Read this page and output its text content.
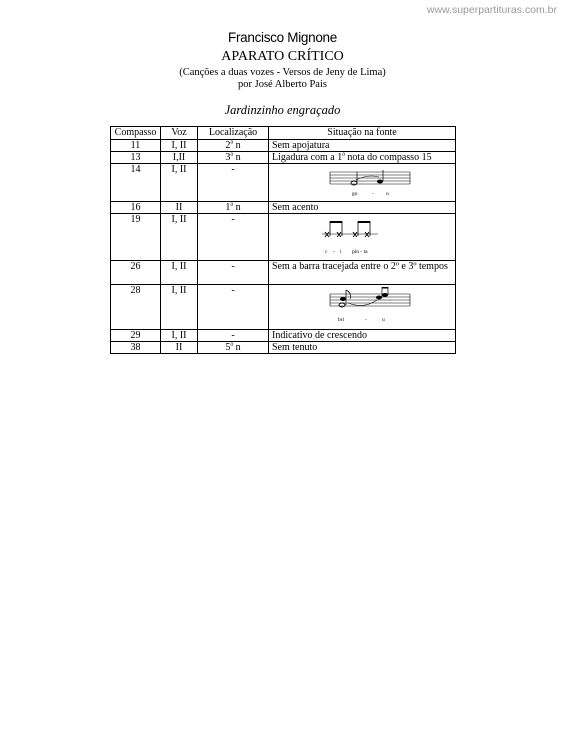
www.superpartituras.com.br
Francisco Mignone
APARATO CRÍTICO
(Canções a duas vozes - Versos de Jeny de Lima)
por José Alberto Pais
Jardinzinho engraçado
Compasso	Voz	Localização	Situação na fonte
11	I, II	2$^a$ n	Sem apojatura
13	I,II	3$^a$ n	Ligadura com a 1$^a$ nota do compasso 15
14	I, II	-	go - u

16	II	1$^a$ n	Sem acento
19	I, II	-	c - i pin - ta

26	I, II	-	Sem a barra tracejada entre o 2º e 3º tempos
28	I, II	-	bri - u

29	I, II	-	Indicativo de crescendo
38	II	5$^a$ n	Sem tenuto
